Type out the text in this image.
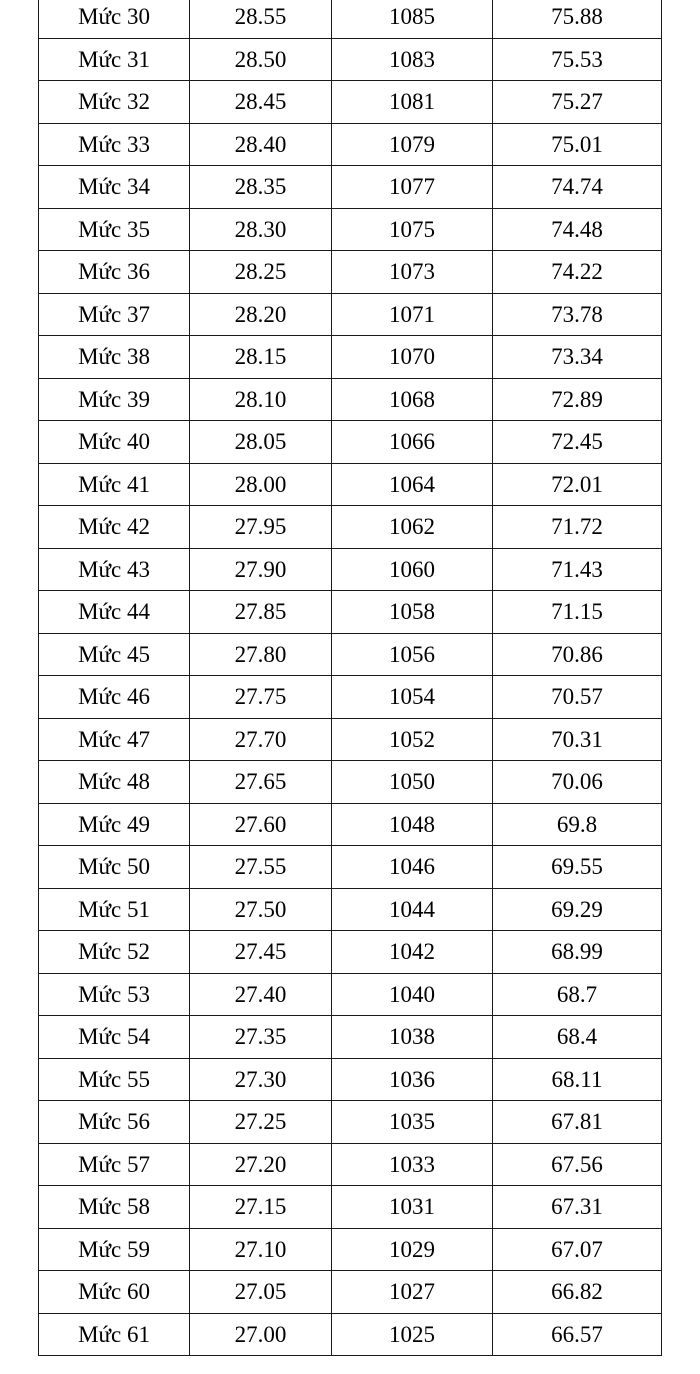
Mức 30	28.55	1085	75.88
Mức 31	28.50	1083	75.53
Mức 32	28.45	1081	75.27
Mức 33	28.40	1079	75.01
Mức 34	28.35	1077	74.74
Mức 35	28.30	1075	74.48
Mức 36	28.25	1073	74.22
Mức 37	28.20	1071	73.78
Mức 38	28.15	1070	73.34
Mức 39	28.10	1068	72.89
Mức 40	28.05	1066	72.45
Mức 41	28.00	1064	72.01
Mức 42	27.95	1062	71.72
Mức 43	27.90	1060	71.43
Mức 44	27.85	1058	71.15
Mức 45	27.80	1056	70.86
Mức 46	27.75	1054	70.57
Mức 47	27.70	1052	70.31
Mức 48	27.65	1050	70.06
Mức 49	27.60	1048	69.8
Mức 50	27.55	1046	69.55
Mức 51	27.50	1044	69.29
Mức 52	27.45	1042	68.99
Mức 53	27.40	1040	68.7
Mức 54	27.35	1038	68.4
Mức 55	27.30	1036	68.11
Mức 56	27.25	1035	67.81
Mức 57	27.20	1033	67.56
Mức 58	27.15	1031	67.31
Mức 59	27.10	1029	67.07
Mức 60	27.05	1027	66.82
Mức 61	27.00	1025	66.57
